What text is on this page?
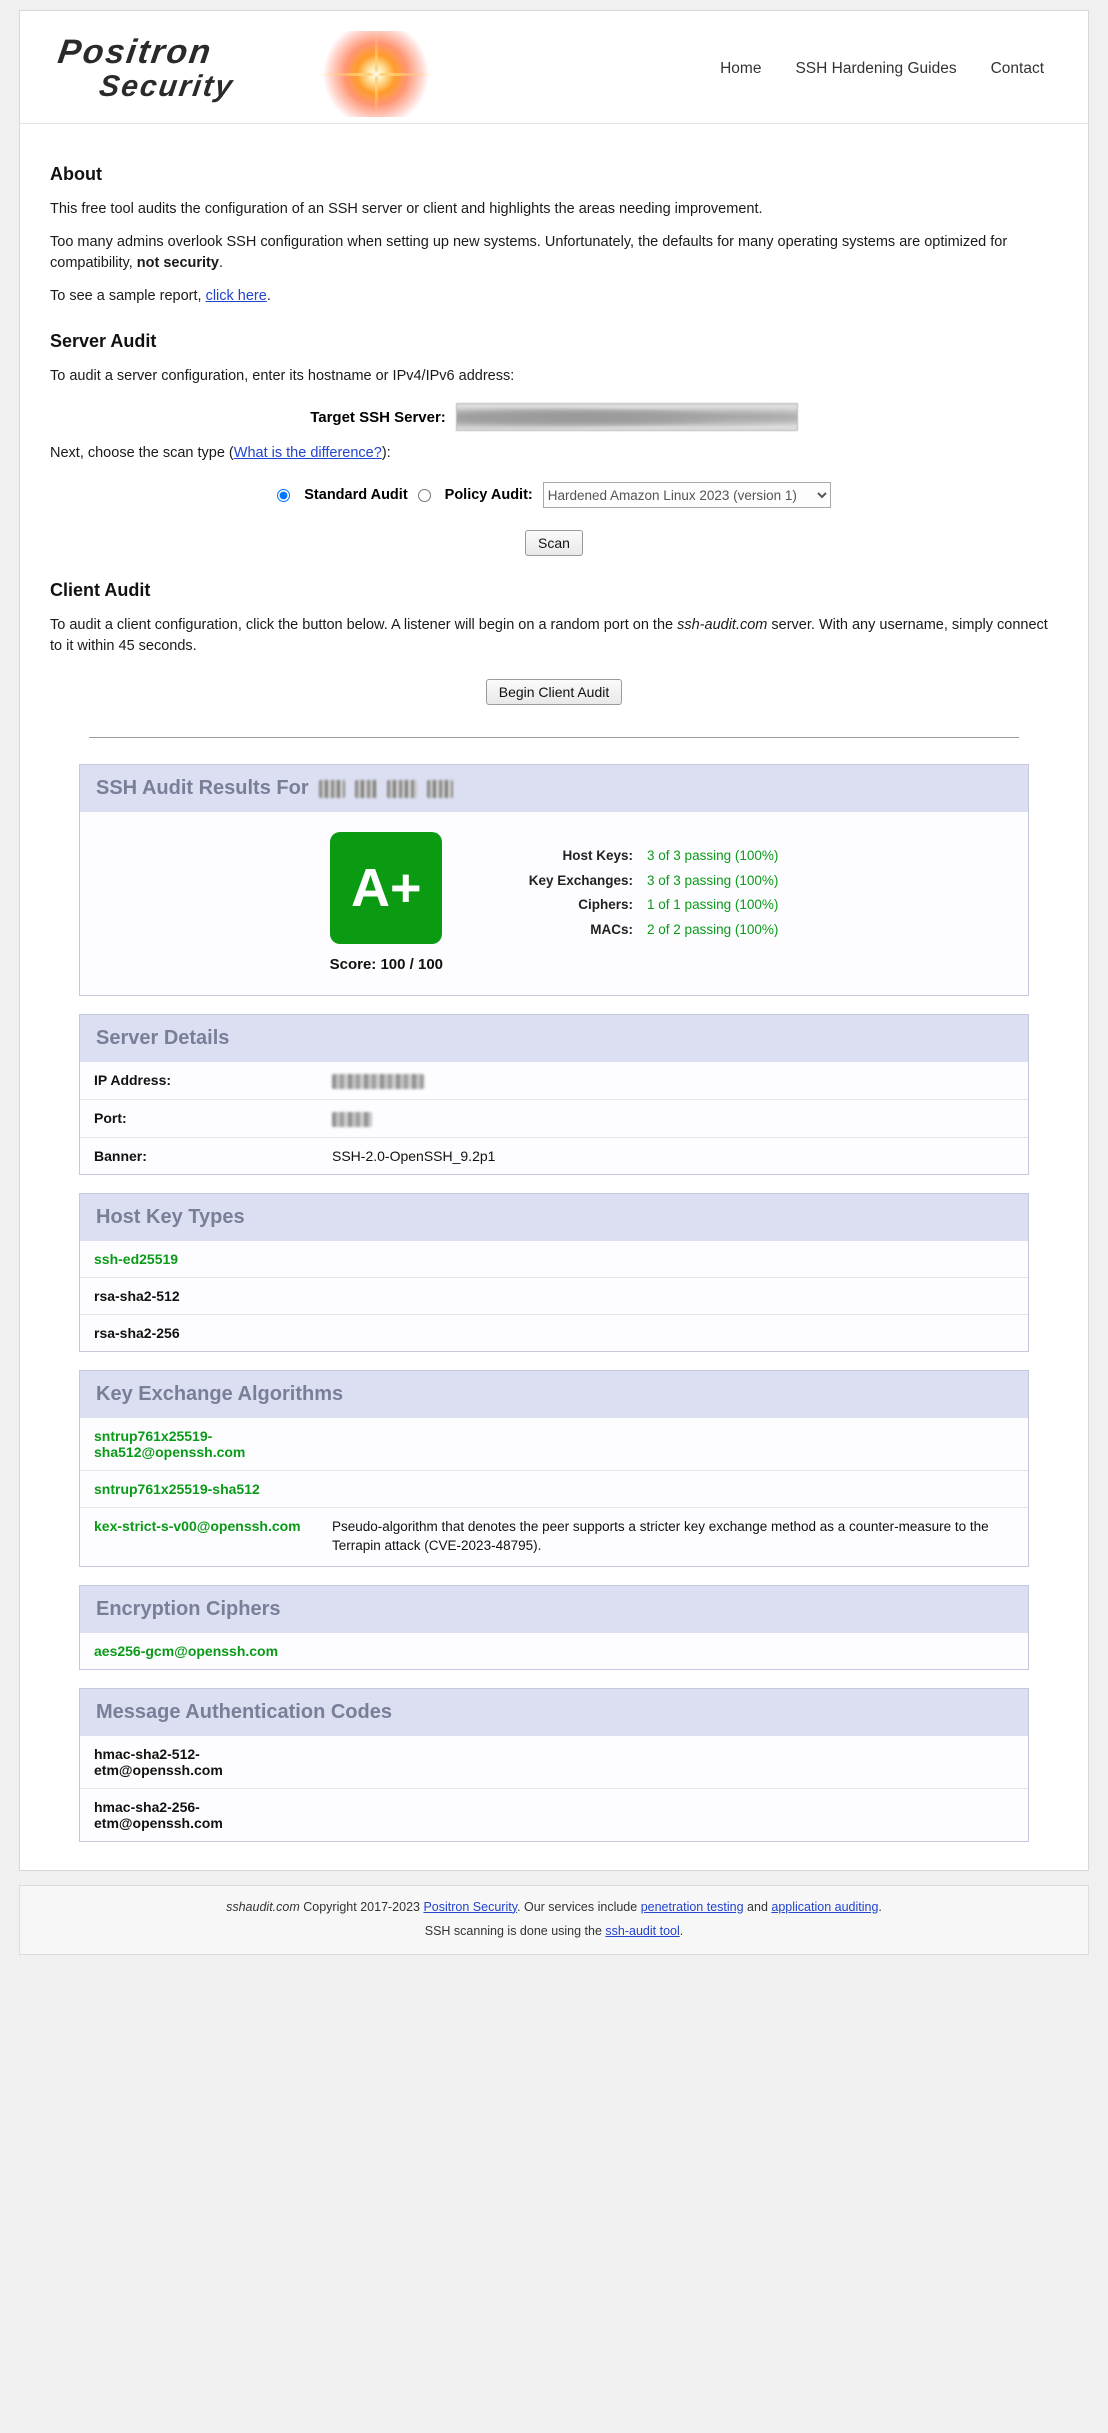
Positron
Security
Home SSH Hardening Guides Contact
About

This free tool audits the configuration of an SSH server or client and highlights the areas needing improvement.

Too many admins overlook SSH configuration when setting up new systems. Unfortunately, the defaults for many operating systems are optimized for compatibility, not security.

To see a sample report, click here.

Server Audit

To audit a server configuration, enter its hostname or IPv4/IPv6 address:

Target SSH Server:

Next, choose the scan type (What is the difference?):

Standard Audit	Policy Audit:
Hardened Amazon Linux 2023 (version 1)
Scan
Client Audit

To audit a client configuration, click the button below. A listener will begin on a random port on the ssh-audit.com server. With any username, simply connect to it within 45 seconds.

Begin Client Audit
SSH Audit Results For
A+
Score: 100 / 100
Host Keys:	3 of 3 passing (100%)
Key Exchanges:	3 of 3 passing (100%)
Ciphers:	1 of 1 passing (100%)
MACs:	2 of 2 passing (100%)
Server Details
IP Address:	
Port:	
Banner:	SSH-2.0-OpenSSH_9.2p1
Host Key Types
ssh-ed25519	
rsa-sha2-512	
rsa-sha2-256	
Key Exchange Algorithms
sntrup761x25519-sha512@openssh.com	
sntrup761x25519-sha512	
kex-strict-s-v00@openssh.com	Pseudo-algorithm that denotes the peer supports a stricter key exchange method as a counter-measure to the Terrapin attack (CVE-2023-48795).
Encryption Ciphers
aes256-gcm@openssh.com	
Message Authentication Codes
hmac-sha2-512-etm@openssh.com	
hmac-sha2-256-etm@openssh.com	
sshaudit.com Copyright 2017-2023 Positron Security. Our services include penetration testing and application auditing.
SSH scanning is done using the ssh-audit tool.
